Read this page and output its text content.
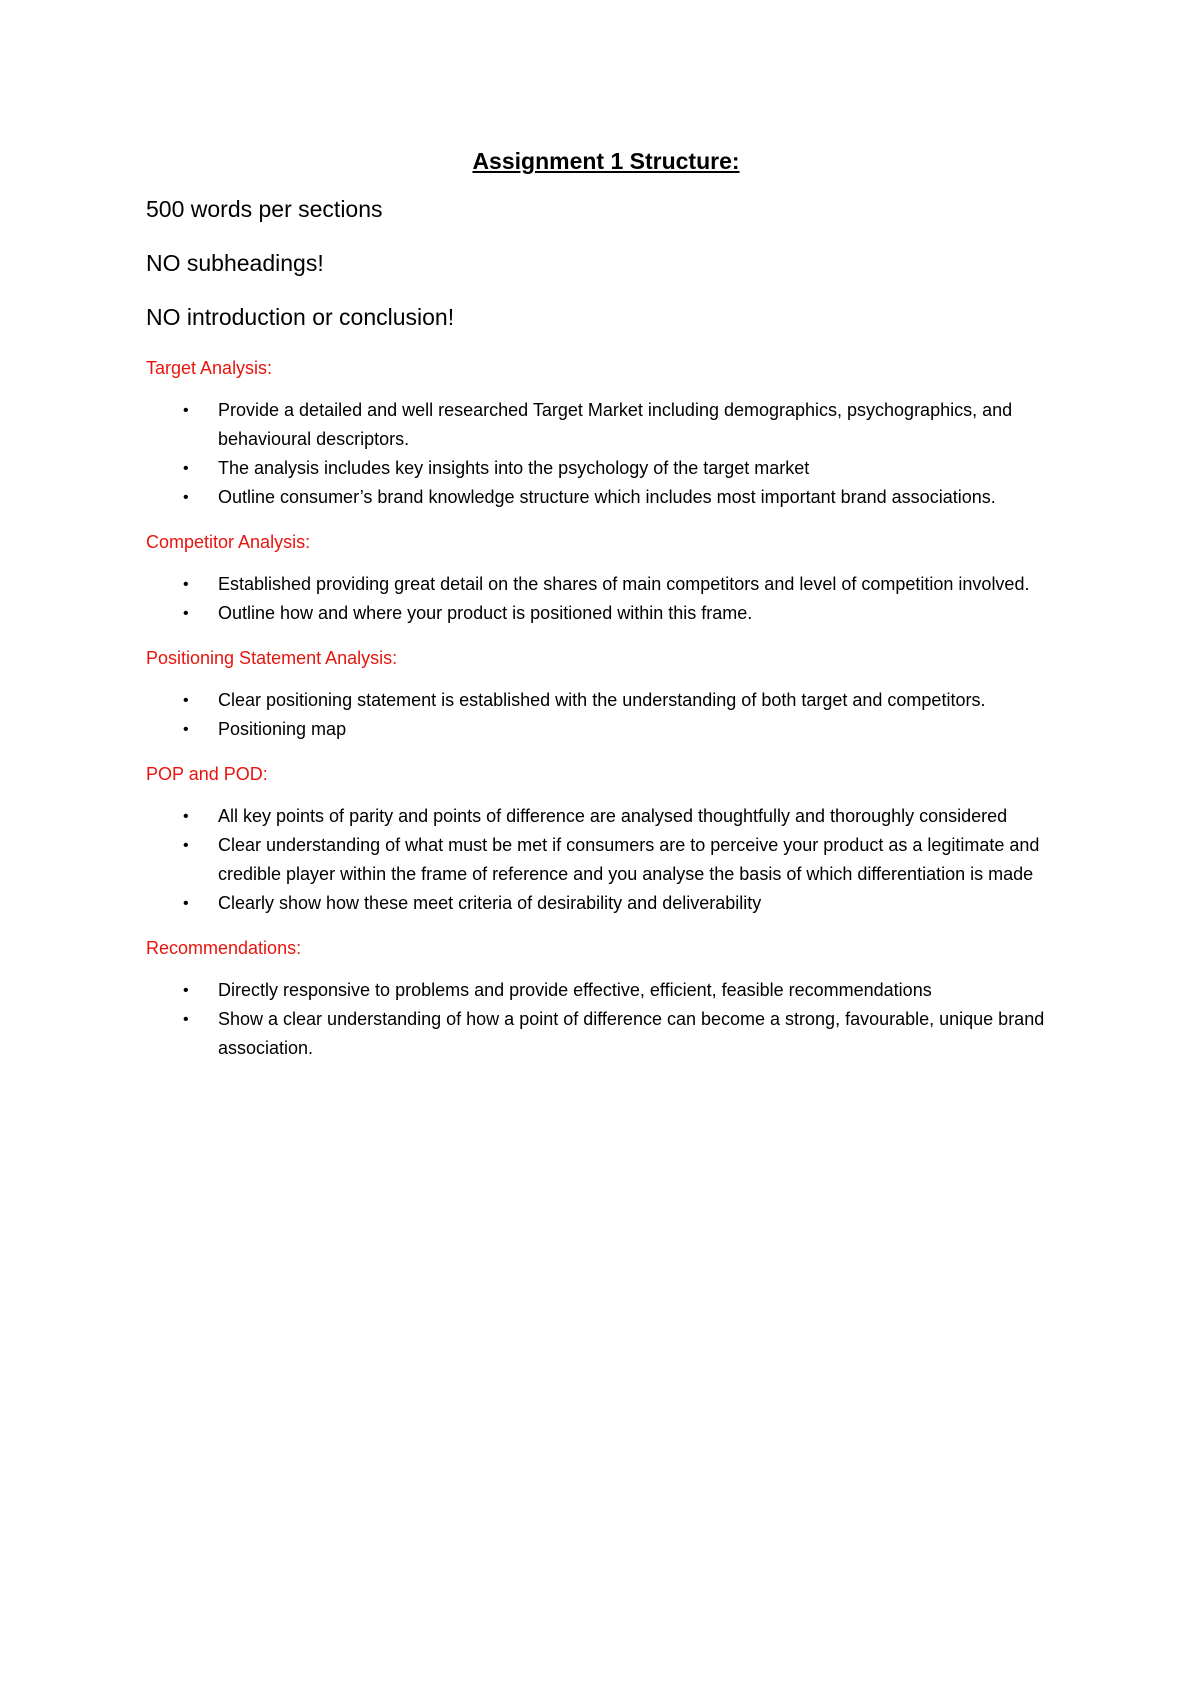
Assignment 1 Structure:

500 words per sections

NO subheadings!

NO introduction or conclusion!

Target Analysis:

• Provide a detailed and well researched Target Market including demographics, psychographics, and behavioural descriptors.
• The analysis includes key insights into the psychology of the target market
• Outline consumer’s brand knowledge structure which includes most important brand associations.

Competitor Analysis:

• Established providing great detail on the shares of main competitors and level of competition involved.
• Outline how and where your product is positioned within this frame.

Positioning Statement Analysis:

• Clear positioning statement is established with the understanding of both target and competitors.
• Positioning map

POP and POD:

• All key points of parity and points of difference are analysed thoughtfully and thoroughly considered
• Clear understanding of what must be met if consumers are to perceive your product as a legitimate and credible player within the frame of reference and you analyse the basis of which differentiation is made
• Clearly show how these meet criteria of desirability and deliverability

Recommendations:

• Directly responsive to problems and provide effective, efficient, feasible recommendations
• Show a clear understanding of how a point of difference can become a strong, favourable, unique brand association.
